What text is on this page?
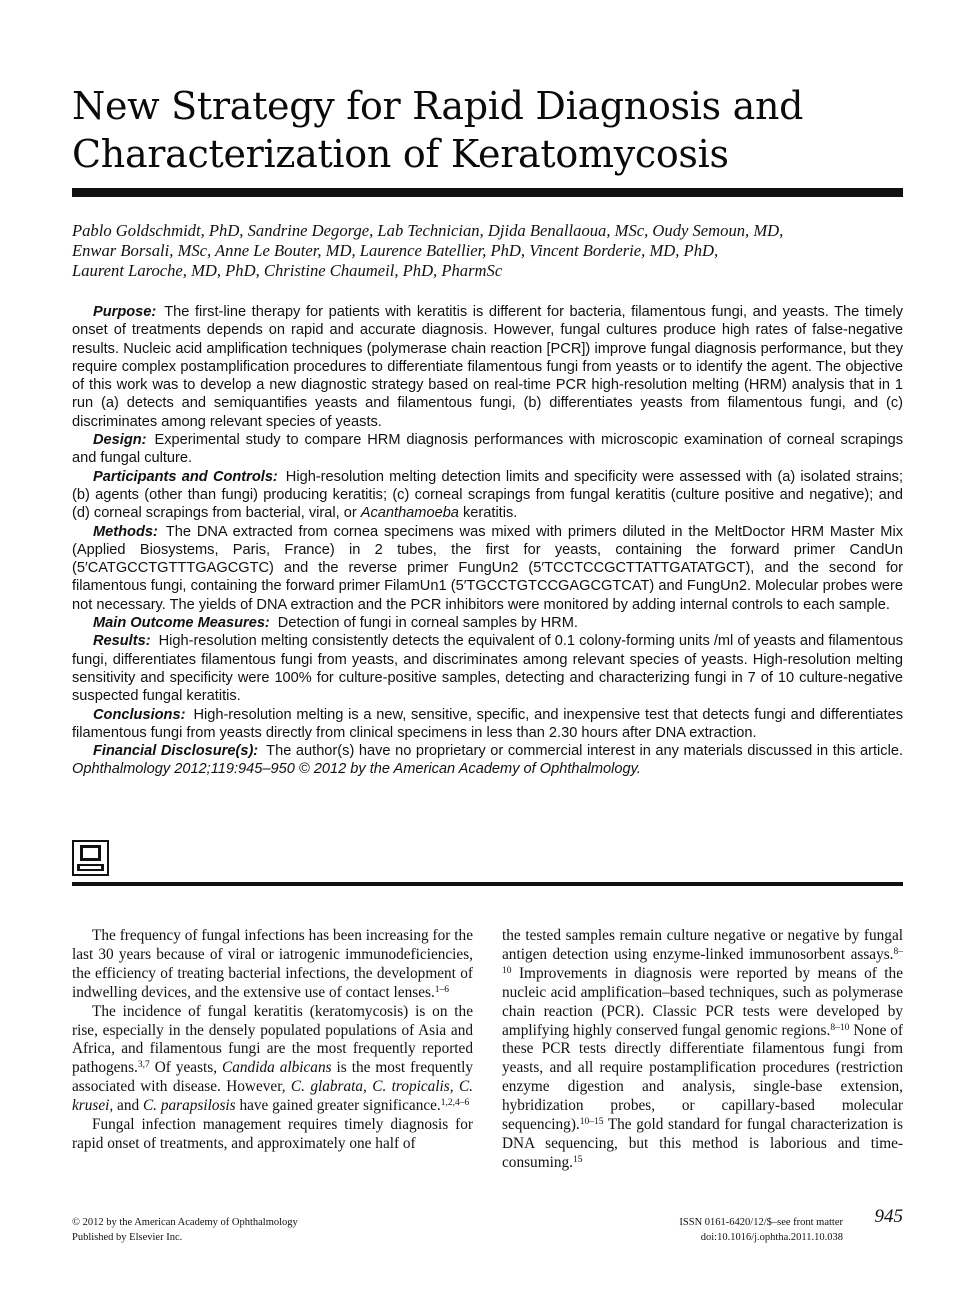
New Strategy for Rapid Diagnosis and
Characterization of Keratomycosis
Pablo Goldschmidt, PhD, Sandrine Degorge, Lab Technician, Djida Benallaoua, MSc, Oudy Semoun, MD,
Enwar Borsali, MSc, Anne Le Bouter, MD, Laurence Batellier, PhD, Vincent Borderie, MD, PhD,
Laurent Laroche, MD, PhD, Christine Chaumeil, PhD, PharmSc

Purpose: The first-line therapy for patients with keratitis is different for bacteria, filamentous fungi, and yeasts. The timely onset of treatments depends on rapid and accurate diagnosis. However, fungal cultures produce high rates of false-negative results. Nucleic acid amplification techniques (polymerase chain reaction [PCR]) improve fungal diagnosis performance, but they require complex postamplification procedures to differentiate filamentous fungi from yeasts or to identify the agent. The objective of this work was to develop a new diagnostic strategy based on real-time PCR high-resolution melting (HRM) analysis that in 1 run (a) detects and semiquantifies yeasts and filamentous fungi, (b) differentiates yeasts from filamentous fungi, and (c) discriminates among relevant species of yeasts.

Design: Experimental study to compare HRM diagnosis performances with microscopic examination of corneal scrapings and fungal culture.

Participants and Controls: High-resolution melting detection limits and specificity were assessed with (a) isolated strains; (b) agents (other than fungi) producing keratitis; (c) corneal scrapings from fungal keratitis (culture positive and negative); and (d) corneal scrapings from bacterial, viral, or Acanthamoeba keratitis.

Methods: The DNA extracted from cornea specimens was mixed with primers diluted in the MeltDoctor HRM Master Mix (Applied Biosystems, Paris, France) in 2 tubes, the first for yeasts, containing the forward primer CandUn (5′CATGCCTGTTTGAGCGTC) and the reverse primer FungUn2 (5′TCCTCCGCTTATTGATATGCT), and the second for filamentous fungi, containing the forward primer FilamUn1 (5′TGCCTGTCCGAGCGTCAT) and FungUn2. Molecular probes were not necessary. The yields of DNA extraction and the PCR inhibitors were monitored by adding internal controls to each sample.

Main Outcome Measures: Detection of fungi in corneal samples by HRM.

Results: High-resolution melting consistently detects the equivalent of 0.1 colony-forming units /ml of yeasts and filamentous fungi, differentiates filamentous fungi from yeasts, and discriminates among relevant species of yeasts. High-resolution melting sensitivity and specificity were 100% for culture-positive samples, detecting and characterizing fungi in 7 of 10 culture-negative suspected fungal keratitis.

Conclusions: High-resolution melting is a new, sensitive, specific, and inexpensive test that detects fungi and differentiates filamentous fungi from yeasts directly from clinical specimens in less than 2.30 hours after DNA extraction.

Financial Disclosure(s): The author(s) have no proprietary or commercial interest in any materials discussed in this article. Ophthalmology 2012;119:945–950 © 2012 by the American Academy of Ophthalmology.

The frequency of fungal infections has been increasing for the last 30 years because of viral or iatrogenic immunodeficiencies, the efficiency of treating bacterial infections, the development of indwelling devices, and the extensive use of contact lenses.$^{1-6}$

The incidence of fungal keratitis (keratomycosis) is on the rise, especially in the densely populated populations of Asia and Africa, and filamentous fungi are the most frequently reported pathogens.$^{3,7}$ Of yeasts, Candida albicans is the most frequently associated with disease. However, C. glabrata, C. tropicalis, C. krusei, and C. parapsilosis have gained greater significance.$^{1,2,4-6}$

Fungal infection management requires timely diagnosis for rapid onset of treatments, and approximately one half of

the tested samples remain culture negative or negative by fungal antigen detection using enzyme-linked immunosorbent assays.$^{8-10}$ Improvements in diagnosis were reported by means of the nucleic acid amplification–based techniques, such as polymerase chain reaction (PCR). Classic PCR tests were developed by amplifying highly conserved fungal genomic regions.$^{8-10}$ None of these PCR tests directly differentiate filamentous fungi from yeasts, and all require postamplification procedures (restriction enzyme digestion and analysis, single-base extension, hybridization probes, or capillary-based molecular sequencing).$^{10-15}$ The gold standard for fungal characterization is DNA sequencing, but this method is laborious and time-consuming.$^{15}$

© 2012 by the American Academy of Ophthalmology
Published by Elsevier Inc.
ISSN 0161-6420/12/$–see front matter
doi:10.1016/j.ophtha.2011.10.038
945
